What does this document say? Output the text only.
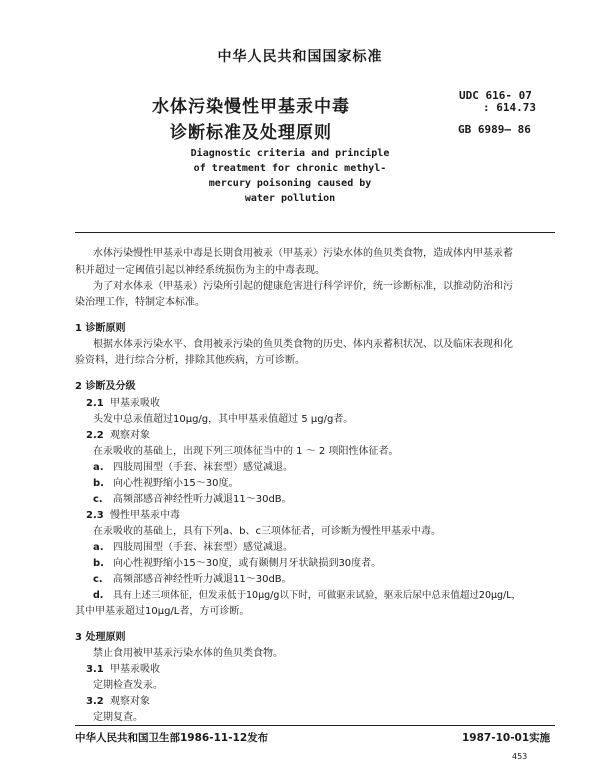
中华人民共和国国家标准
水体污染慢性甲基汞中毒
诊断标准及处理原则
UDC 616- 07
: 614.73
GB 6989— 86
Diagnostic criteria and principle
of treatment for chronic methyl-
mercury poisoning caused by
water pollution
水体污染慢性甲基汞中毒是长期食用被汞（甲基汞）污染水体的鱼贝类食物，造成体内甲基汞蓄
积并超过一定阈值引起以神经系统损伤为主的中毒表现。
为了对水体汞（甲基汞）污染所引起的健康危害进行科学评价，统一诊断标准，以推动防治和污
染治理工作，特制定本标准。
1 诊断原则
根据水体汞污染水平、食用被汞污染的鱼贝类食物的历史、体内汞蓄积状况、以及临床表现和化
验资料，进行综合分析，排除其他疾病，方可诊断。
2 诊断及分级
2.1 甲基汞吸收
头发中总汞值超过10μg/g，其中甲基汞值超过 5 μg/g者。
2.2 观察对象
在汞吸收的基础上，出现下列三项体征当中的 1 ～ 2 项阳性体征者。
a. 四肢周围型（手套、袜套型）感觉减退。
b. 向心性视野缩小15～30度。
c. 高频部感音神经性听力减退11～30dB。
2.3 慢性甲基汞中毒
在汞吸收的基础上，具有下列a、b、c三项体征者，可诊断为慢性甲基汞中毒。
a. 四肢周围型（手套、袜套型）感觉减退。
b. 向心性视野缩小15～30度，或有颞侧月牙状缺损到30度者。
c. 高频部感音神经性听力减退11～30dB。
d. 具有上述三项体征，但发汞低于10μg/g以下时，可做驱汞试验，驱汞后尿中总汞值超过20μg/L，
其中甲基汞超过10μg/L者，方可诊断。
3 处理原则
禁止食用被甲基汞污染水体的鱼贝类食物。
3.1 甲基汞吸收
定期检查发汞。
3.2 观察对象
定期复查。
中华人民共和国卫生部1986-11-12发布	1987-10-01实施
453
